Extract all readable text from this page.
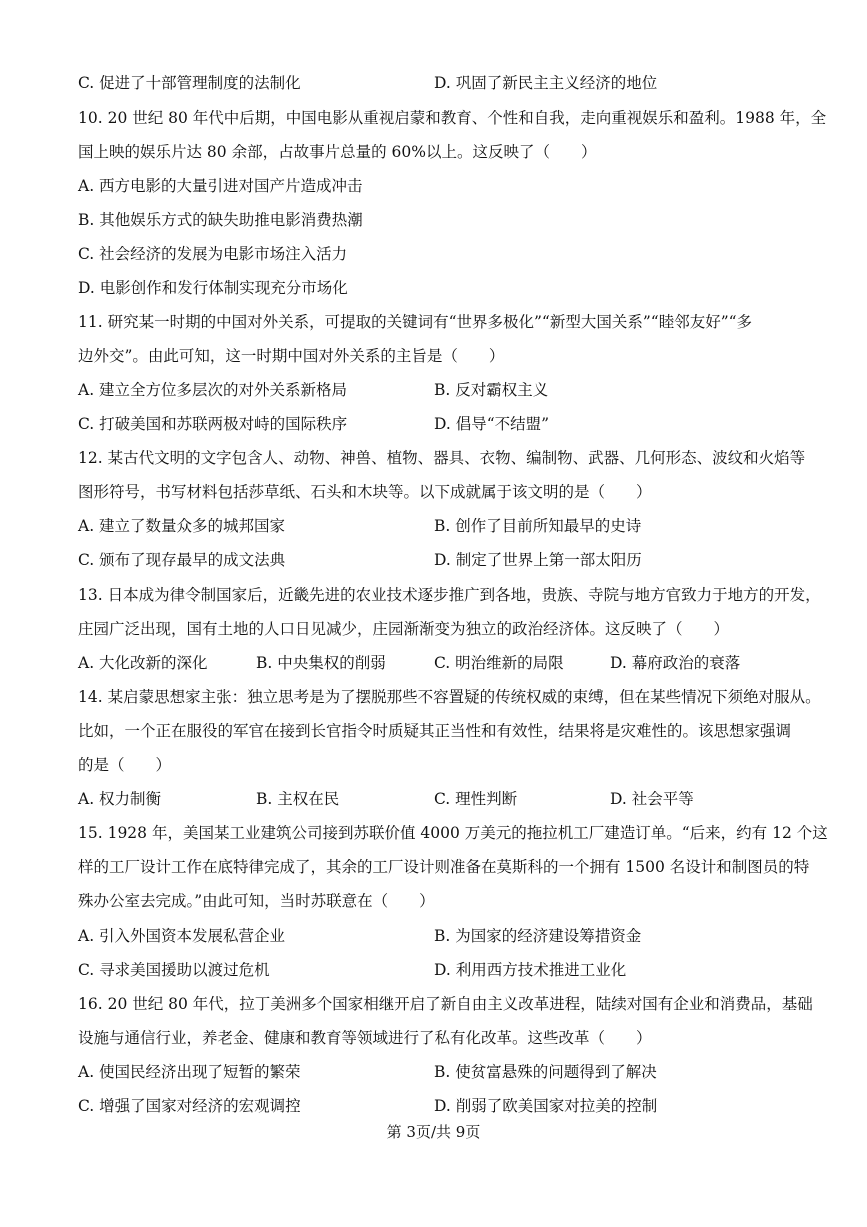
C. 促进了十部管理制度的法制化	D. 巩固了新民主主义经济的地位
10. 20 世纪 80 年代中后期，中国电影从重视启蒙和教育、个性和自我，走向重视娱乐和盈利。1988 年，全
国上映的娱乐片达 80 余部，占故事片总量的 60%以上。这反映了（　　）
A. 西方电影的大量引进对国产片造成冲击
B. 其他娱乐方式的缺失助推电影消费热潮
C. 社会经济的发展为电影市场注入活力
D. 电影创作和发行体制实现充分市场化
11. 研究某一时期的中国对外关系，可提取的关键词有“世界多极化”“新型大国关系”“睦邻友好”“多
边外交”。由此可知，这一时期中国对外关系的主旨是（　　）
A. 建立全方位多层次的对外关系新格局	B. 反对霸权主义
C. 打破美国和苏联两极对峙的国际秩序	D. 倡导“不结盟”
12. 某古代文明的文字包含人、动物、神兽、植物、器具、衣物、编制物、武器、几何形态、波纹和火焰等
图形符号，书写材料包括莎草纸、石头和木块等。以下成就属于该文明的是（　　）
A. 建立了数量众多的城邦国家	B. 创作了目前所知最早的史诗
C. 颁布了现存最早的成文法典	D. 制定了世界上第一部太阳历
13. 日本成为律令制国家后，近畿先进的农业技术逐步推广到各地，贵族、寺院与地方官致力于地方的开发，
庄园广泛出现，国有土地的人口日见减少，庄园渐渐变为独立的政治经济体。这反映了（　　）
A. 大化改新的深化	B. 中央集权的削弱	C. 明治维新的局限	D. 幕府政治的衰落
14. 某启蒙思想家主张：独立思考是为了摆脱那些不容置疑的传统权威的束缚，但在某些情况下须绝对服从。
比如，一个正在服役的军官在接到长官指令时质疑其正当性和有效性，结果将是灾难性的。该思想家强调
的是（　　）
A. 权力制衡	B. 主权在民	C. 理性判断	D. 社会平等
15. 1928 年，美国某工业建筑公司接到苏联价值 4000 万美元的拖拉机工厂建造订单。“后来，约有 12 个这
样的工厂设计工作在底特律完成了，其余的工厂设计则准备在莫斯科的一个拥有 1500 名设计和制图员的特
殊办公室去完成。”由此可知，当时苏联意在（　　）
A. 引入外国资本发展私营企业	B. 为国家的经济建设筹措资金
C. 寻求美国援助以渡过危机	D. 利用西方技术推进工业化
16. 20 世纪 80 年代，拉丁美洲多个国家相继开启了新自由主义改革进程，陆续对国有企业和消费品，基础
设施与通信行业，养老金、健康和教育等领域进行了私有化改革。这些改革（　　）
A. 使国民经济出现了短暂的繁荣	B. 使贫富悬殊的问题得到了解决
C. 增强了国家对经济的宏观调控	D. 削弱了欧美国家对拉美的控制
第 3页/共 9页
